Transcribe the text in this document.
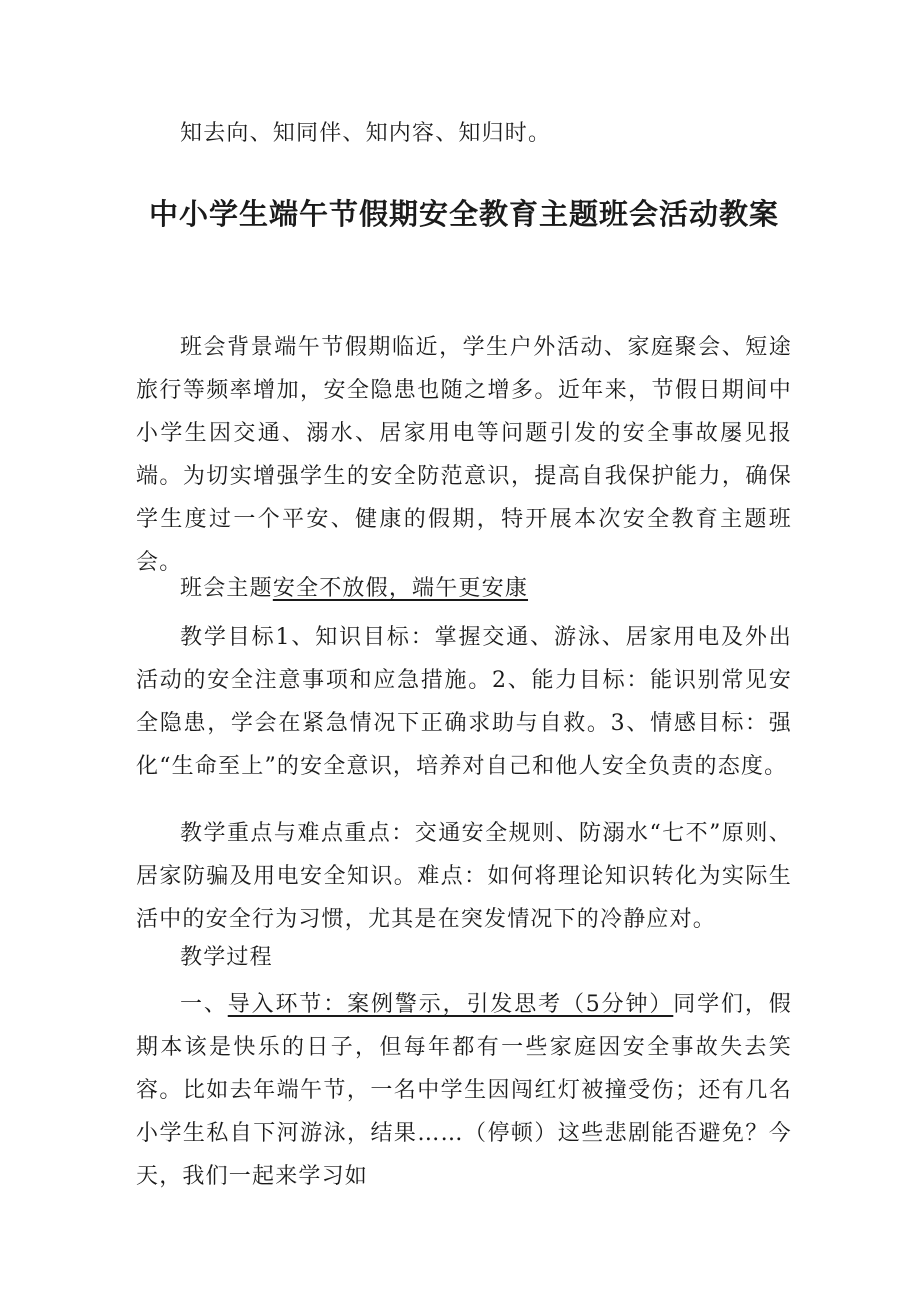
知去向、知同伴、知内容、知归时。

中小学生端午节假期安全教育主题班会活动教案

班会背景端午节假期临近，学生户外活动、家庭聚会、短途旅行等频率增加，安全隐患也随之增多。近年来，节假日期间中小学生因交通、溺水、居家用电等问题引发的安全事故屡见报端。为切实增强学生的安全防范意识，提高自我保护能力，确保学生度过一个平安、健康的假期，特开展本次安全教育主题班会。

班会主题安全不放假，端午更安康

教学目标1、知识目标：掌握交通、游泳、居家用电及外出活动的安全注意事项和应急措施。2、能力目标：能识别常见安全隐患，学会在紧急情况下正确求助与自救。3、情感目标：强化“生命至上”的安全意识，培养对自己和他人安全负责的态度。

教学重点与难点重点：交通安全规则、防溺水“七不”原则、居家防骗及用电安全知识。难点：如何将理论知识转化为实际生活中的安全行为习惯，尤其是在突发情况下的冷静应对。

教学过程

一、导入环节：案例警示，引发思考（5分钟）同学们，假期本该是快乐的日子，但每年都有一些家庭因安全事故失去笑容。比如去年端午节，一名中学生因闯红灯被撞受伤；还有几名小学生私自下河游泳，结果……（停顿）这些悲剧能否避免？今天，我们一起来学习如
